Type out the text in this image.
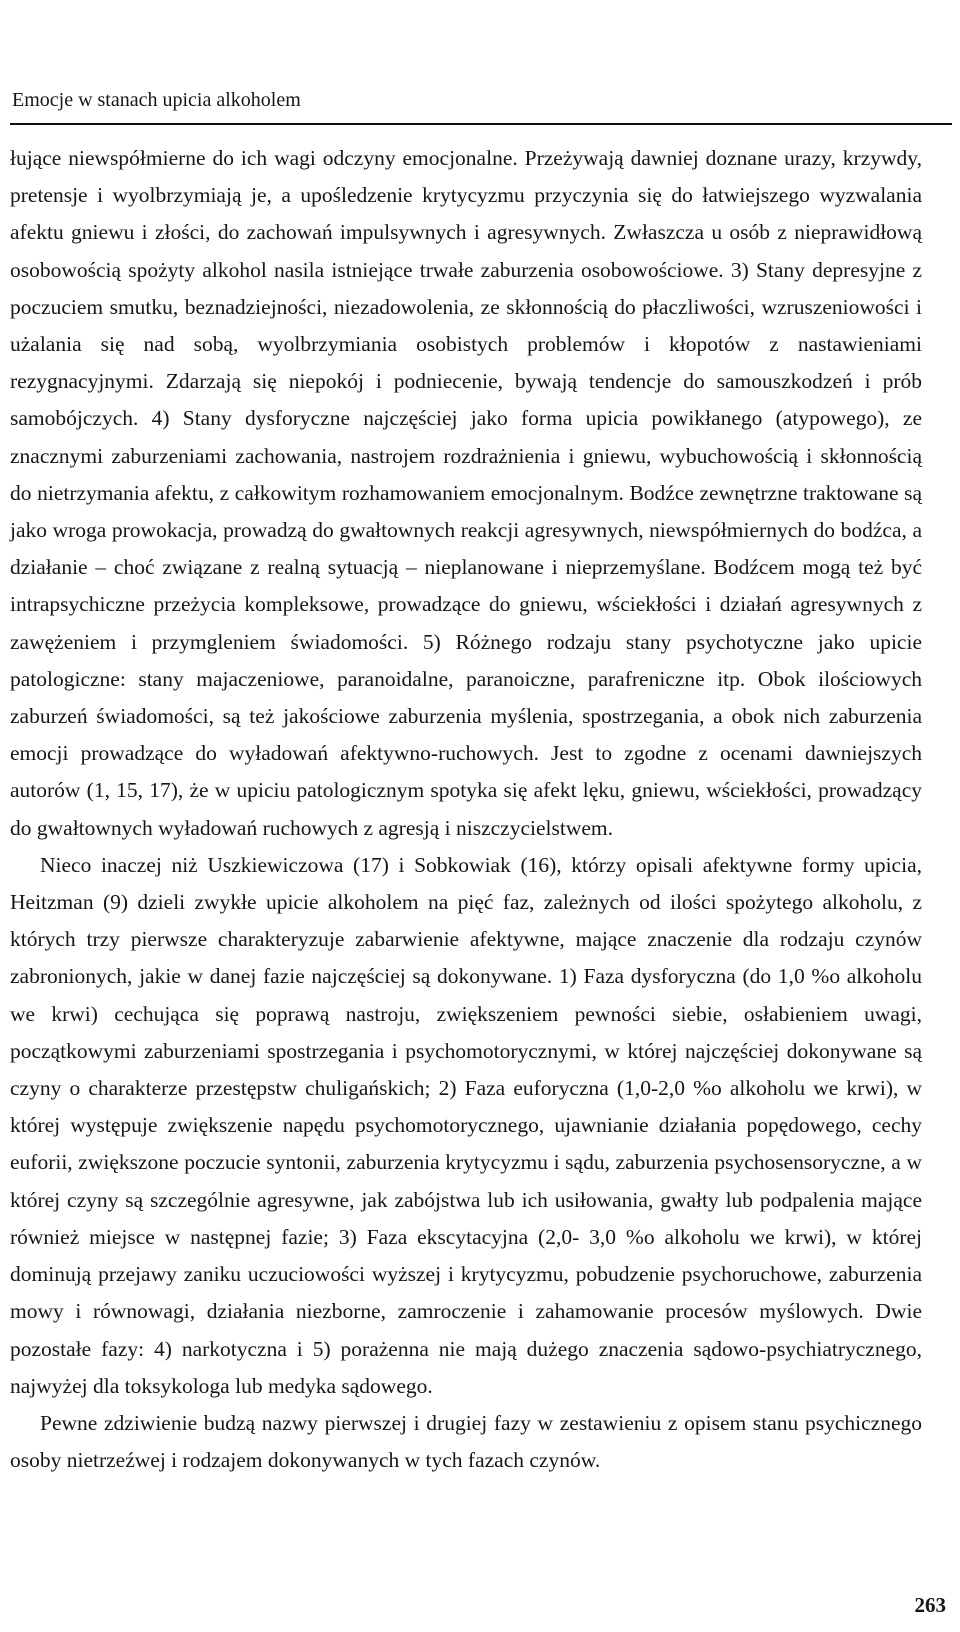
Emocje w stanach upicia alkoholem

łujące niewspółmierne do ich wagi odczyny emocjonalne. Przeżywają dawniej doznane urazy, krzywdy, pretensje i wyolbrzymiają je, a upośledzenie krytycyzmu przyczynia się do łatwiejszego wyzwalania afektu gniewu i złości, do zachowań impulsywnych i agresywnych. Zwłaszcza u osób z nieprawidłową osobowością spożyty alkohol nasila istniejące trwałe zaburzenia osobowościowe. 3) Stany depresyjne z poczuciem smutku, beznadziejności, niezadowolenia, ze skłonnością do płaczliwości, wzruszeniowości i użalania się nad sobą, wyolbrzymiania osobistych problemów i kłopotów z nastawieniami rezygnacyjnymi. Zdarzają się niepokój i podniecenie, bywają tendencje do samouszkodzeń i prób samobójczych. 4) Stany dysforyczne najczęściej jako forma upicia powikłanego (atypowego), ze znacznymi zaburzeniami zachowania, nastrojem rozdrażnienia i gniewu, wybuchowością i skłonnością do nietrzymania afektu, z całkowitym rozhamowaniem emocjonalnym. Bodźce zewnętrzne traktowane są jako wroga prowokacja, prowadzą do gwałtownych reakcji agresywnych, niewspółmiernych do bodźca, a działanie – choć związane z realną sytuacją – nieplanowane i nieprzemyślane. Bodźcem mogą też być intrapsychiczne przeżycia kompleksowe, prowadzące do gniewu, wściekłości i działań agresywnych z zawężeniem i przymgleniem świadomości. 5) Różnego rodzaju stany psychotyczne jako upicie patologiczne: stany majaczeniowe, paranoidalne, paranoiczne, parafreniczne itp. Obok ilościowych zaburzeń świadomości, są też jakościowe zaburzenia myślenia, spostrzegania, a obok nich zaburzenia emocji prowadzące do wyładowań afektywno-ruchowych. Jest to zgodne z ocenami dawniejszych autorów (1, 15, 17), że w upiciu patologicznym spotyka się afekt lęku, gniewu, wściekłości, prowadzący do gwałtownych wyładowań ruchowych z agresją i niszczycielstwem.

Nieco inaczej niż Uszkiewiczowa (17) i Sobkowiak (16), którzy opisali afektywne formy upicia, Heitzman (9) dzieli zwykłe upicie alkoholem na pięć faz, zależnych od ilości spożytego alkoholu, z których trzy pierwsze charakteryzuje zabarwienie afektywne, mające znaczenie dla rodzaju czynów zabronionych, jakie w danej fazie najczęściej są dokonywane. 1) Faza dysforyczna (do 1,0 %o alkoholu we krwi) cechująca się poprawą nastroju, zwiększeniem pewności siebie, osłabieniem uwagi, początkowymi zaburzeniami spostrzegania i psychomotorycznymi, w której najczęściej dokonywane są czyny o charakterze przestępstw chuligańskich; 2) Faza euforyczna (1,0-2,0 %o alkoholu we krwi), w której występuje zwiększenie napędu psychomotorycznego, ujawnianie działania popędowego, cechy euforii, zwiększone poczucie syntonii, zaburzenia krytycyzmu i sądu, zaburzenia psychosensoryczne, a w której czyny są szczególnie agresywne, jak zabójstwa lub ich usiłowania, gwałty lub podpalenia mające również miejsce w następnej fazie; 3) Faza ekscytacyjna (2,0- 3,0 %o alkoholu we krwi), w której dominują przejawy zaniku uczuciowości wyższej i krytycyzmu, pobudzenie psychoruchowe, zaburzenia mowy i równowagi, działania niezborne, zamroczenie i zahamowanie procesów myślowych. Dwie pozostałe fazy: 4) narkotyczna i 5) porażenna nie mają dużego znaczenia sądowo-psychiatrycznego, najwyżej dla toksykologa lub medyka sądowego.

Pewne zdziwienie budzą nazwy pierwszej i drugiej fazy w zestawieniu z opisem stanu psychicznego osoby nietrzeźwej i rodzajem dokonywanych w tych fazach czynów.

263
